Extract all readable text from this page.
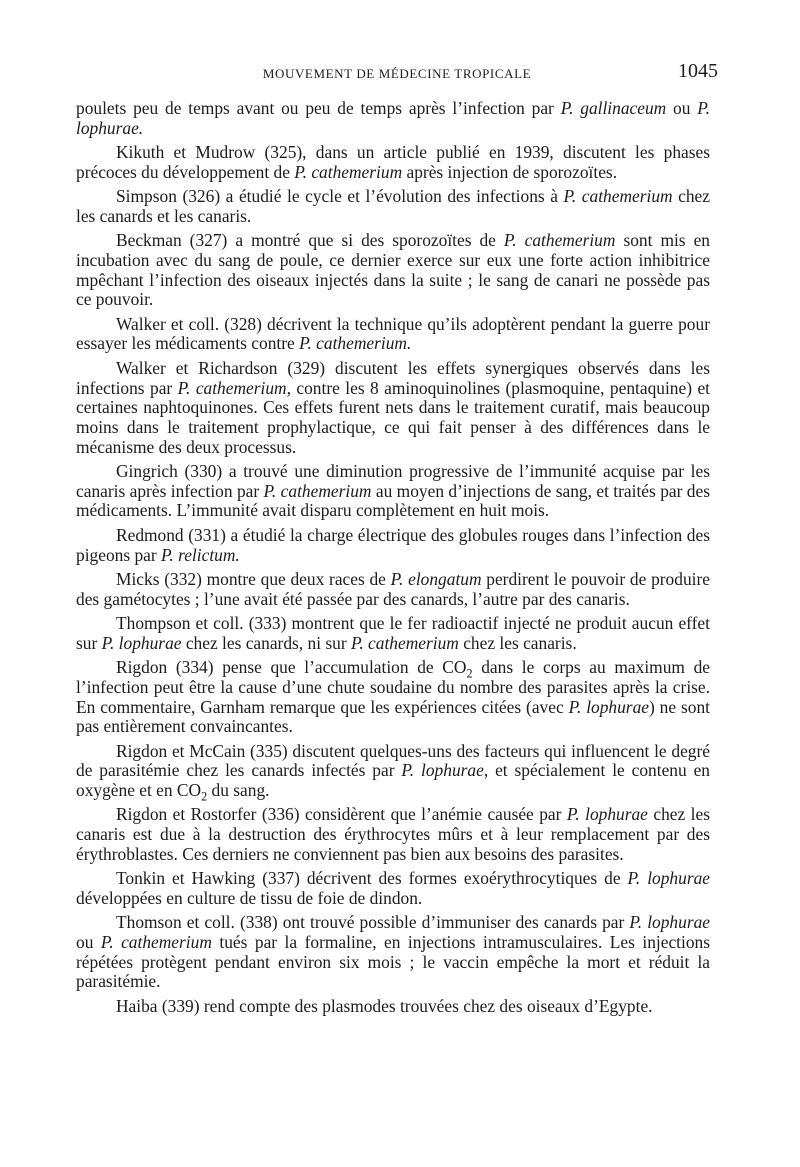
MOUVEMENT DE MÉDECINE TROPICALE	1045

poulets peu de temps avant ou peu de temps après l’infection par P. gallinaceum ou P. lophurae.

Kikuth et Mudrow (325), dans un article publié en 1939, discutent les phases précoces du développement de P. cathemerium après injection de sporozoïtes.

Simpson (326) a étudié le cycle et l’évolution des infections à P. cathemerium chez les canards et les canaris.

Beckman (327) a montré que si des sporozoïtes de P. cathemerium sont mis en incubation avec du sang de poule, ce dernier exerce sur eux une forte action inhibitrice mpêchant l’infection des oiseaux injectés dans la suite ; le sang de canari ne possède pas ce pouvoir.

Walker et coll. (328) décrivent la technique qu’ils adoptèrent pendant la guerre pour essayer les médicaments contre P. cathemerium.

Walker et Richardson (329) discutent les effets synergiques observés dans les infections par P. cathemerium, contre les 8 aminoquinolines (plasmoquine, pentaquine) et certaines naphtoquinones. Ces effets furent nets dans le traitement curatif, mais beaucoup moins dans le traitement prophylactique, ce qui fait penser à des différences dans le mécanisme des deux processus.

Gingrich (330) a trouvé une diminution progressive de l’immunité acquise par les canaris après infection par P. cathemerium au moyen d’injections de sang, et traités par des médicaments. L’immunité avait disparu complètement en huit mois.

Redmond (331) a étudié la charge électrique des globules rouges dans l’infection des pigeons par P. relictum.

Micks (332) montre que deux races de P. elongatum perdirent le pouvoir de produire des gamétocytes ; l’une avait été passée par des canards, l’autre par des canaris.

Thompson et coll. (333) montrent que le fer radioactif injecté ne produit aucun effet sur P. lophurae chez les canards, ni sur P. cathemerium chez les canaris.

Rigdon (334) pense que l’accumulation de $CO_2$ dans le corps au maximum de l’infection peut être la cause d’une chute soudaine du nombre des parasites après la crise. En commentaire, Garnham remarque que les expériences citées (avec P. lophurae) ne sont pas entièrement convaincantes.

Rigdon et McCain (335) discutent quelques-uns des facteurs qui influencent le degré de parasitémie chez les canards infectés par P. lophurae, et spécialement le contenu en oxygène et en $CO_2$ du sang.

Rigdon et Rostorfer (336) considèrent que l’anémie causée par P. lophurae chez les canaris est due à la destruction des érythrocytes mûrs et à leur remplacement par des érythroblastes. Ces derniers ne conviennent pas bien aux besoins des parasites.

Tonkin et Hawking (337) décrivent des formes exoérythrocytiques de P. lophurae développées en culture de tissu de foie de dindon.

Thomson et coll. (338) ont trouvé possible d’immuniser des canards par P. lophurae ou P. cathemerium tués par la formaline, en injections intramusculaires. Les injections répétées protègent pendant environ six mois ; le vaccin empêche la mort et réduit la parasitémie.

Haiba (339) rend compte des plasmodes trouvées chez des oiseaux d’Egypte.
